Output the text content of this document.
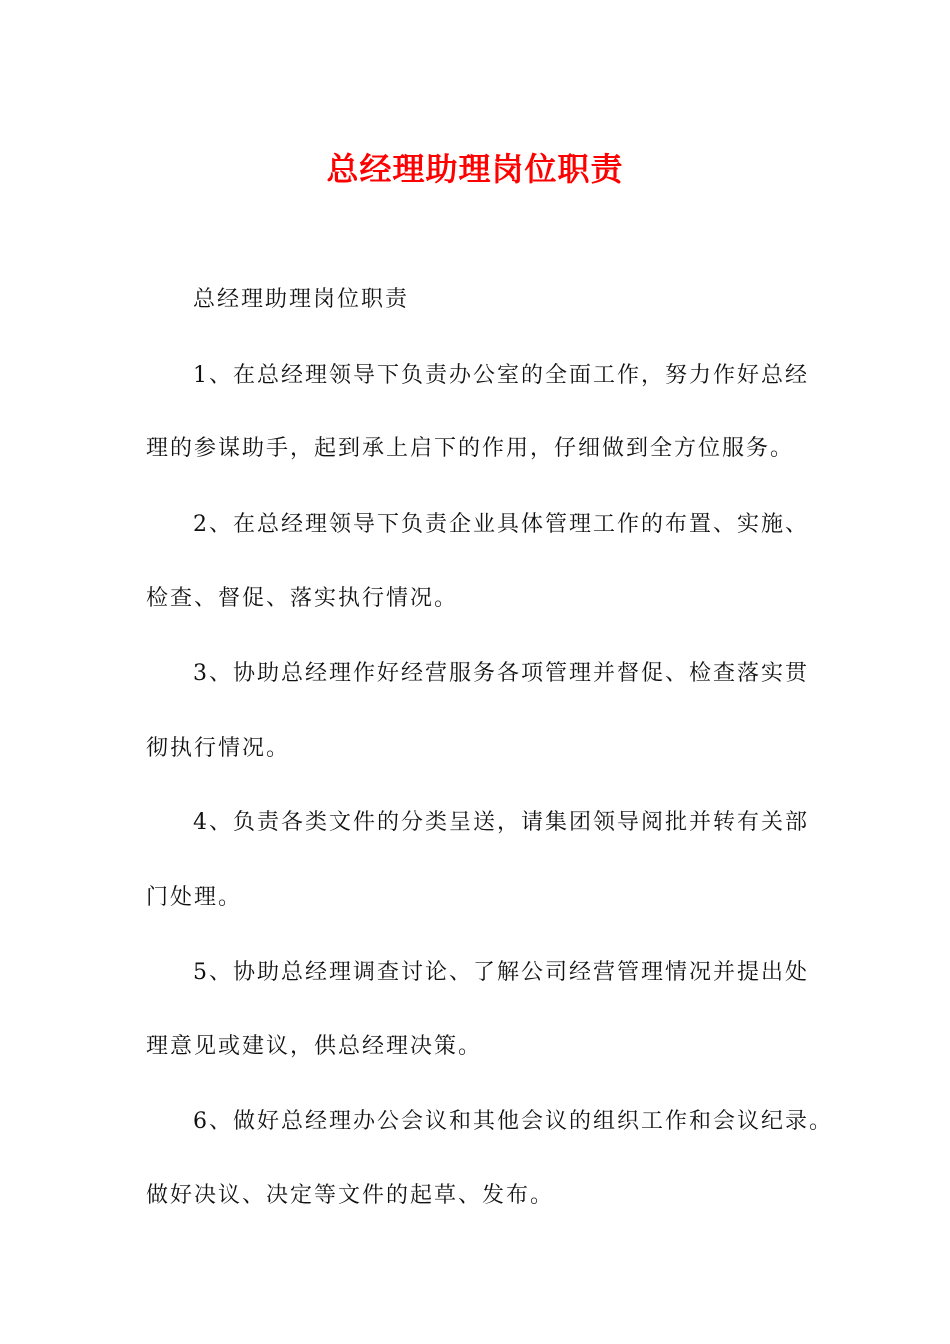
总经理助理岗位职责
总经理助理岗位职责
1、在总经理领导下负责办公室的全面工作，努力作好总经
理的参谋助手，起到承上启下的作用，仔细做到全方位服务。
2、在总经理领导下负责企业具体管理工作的布置、实施、
检查、督促、落实执行情况。
3、协助总经理作好经营服务各项管理并督促、检查落实贯
彻执行情况。
4、负责各类文件的分类呈送，请集团领导阅批并转有关部
门处理。
5、协助总经理调查讨论、了解公司经营管理情况并提出处
理意见或建议，供总经理决策。
6、做好总经理办公会议和其他会议的组织工作和会议纪录。
做好决议、决定等文件的起草、发布。
